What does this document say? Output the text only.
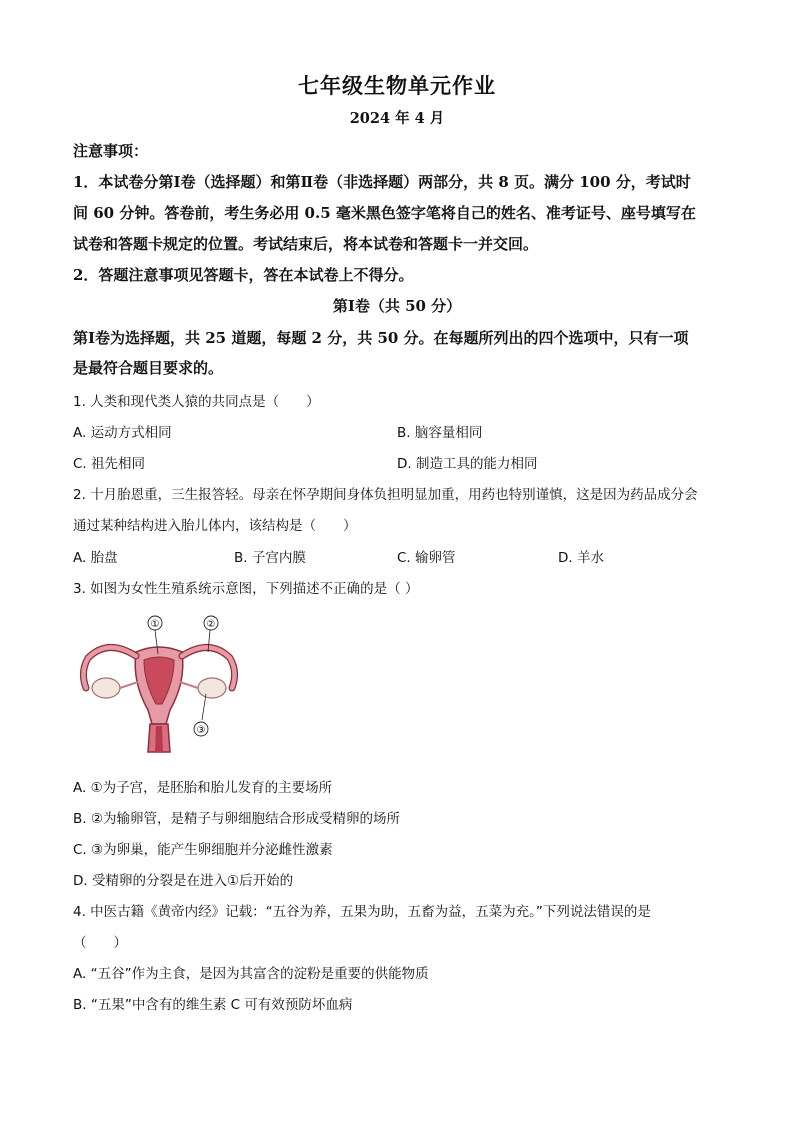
七年级生物单元作业
2024 年 4 月
注意事项：
1．本试卷分第Ⅰ卷（选择题）和第Ⅱ卷（非选择题）两部分，共 8 页。满分 100 分，考试时
间 60 分钟。答卷前，考生务必用 0.5 毫米黑色签字笔将自己的姓名、准考证号、座号填写在
试卷和答题卡规定的位置。考试结束后，将本试卷和答题卡一并交回。
2．答题注意事项见答题卡，答在本试卷上不得分。
第Ⅰ卷（共 50 分）
第Ⅰ卷为选择题，共 25 道题，每题 2 分，共 50 分。在每题所列出的四个选项中，只有一项
是最符合题目要求的。
1. 人类和现代类人猿的共同点是（　　）
A. 运动方式相同	B. 脑容量相同
C. 祖先相同	D. 制造工具的能力相同
2. 十月胎恩重，三生报答轻。母亲在怀孕期间身体负担明显加重，用药也特别谨慎，这是因为药品成分会
通过某种结构进入胎儿体内，该结构是（　　）
A. 胎盘	B. 子宫内膜	C. 输卵管	D. 羊水
3. 如图为女性生殖系统示意图，下列描述不正确的是（ ）
①	②
③
A. ①为子宫，是胚胎和胎儿发育的主要场所
B. ②为输卵管，是精子与卵细胞结合形成受精卵的场所
C. ③为卵巢，能产生卵细胞并分泌雌性激素
D. 受精卵的分裂是在进入①后开始的
4. 中医古籍《黄帝内经》记载：“五谷为养，五果为助，五畜为益，五菜为充。”下列说法错误的是
（　　）
A. “五谷”作为主食，是因为其富含的淀粉是重要的供能物质
B. “五果”中含有的维生素 C 可有效预防坏血病
